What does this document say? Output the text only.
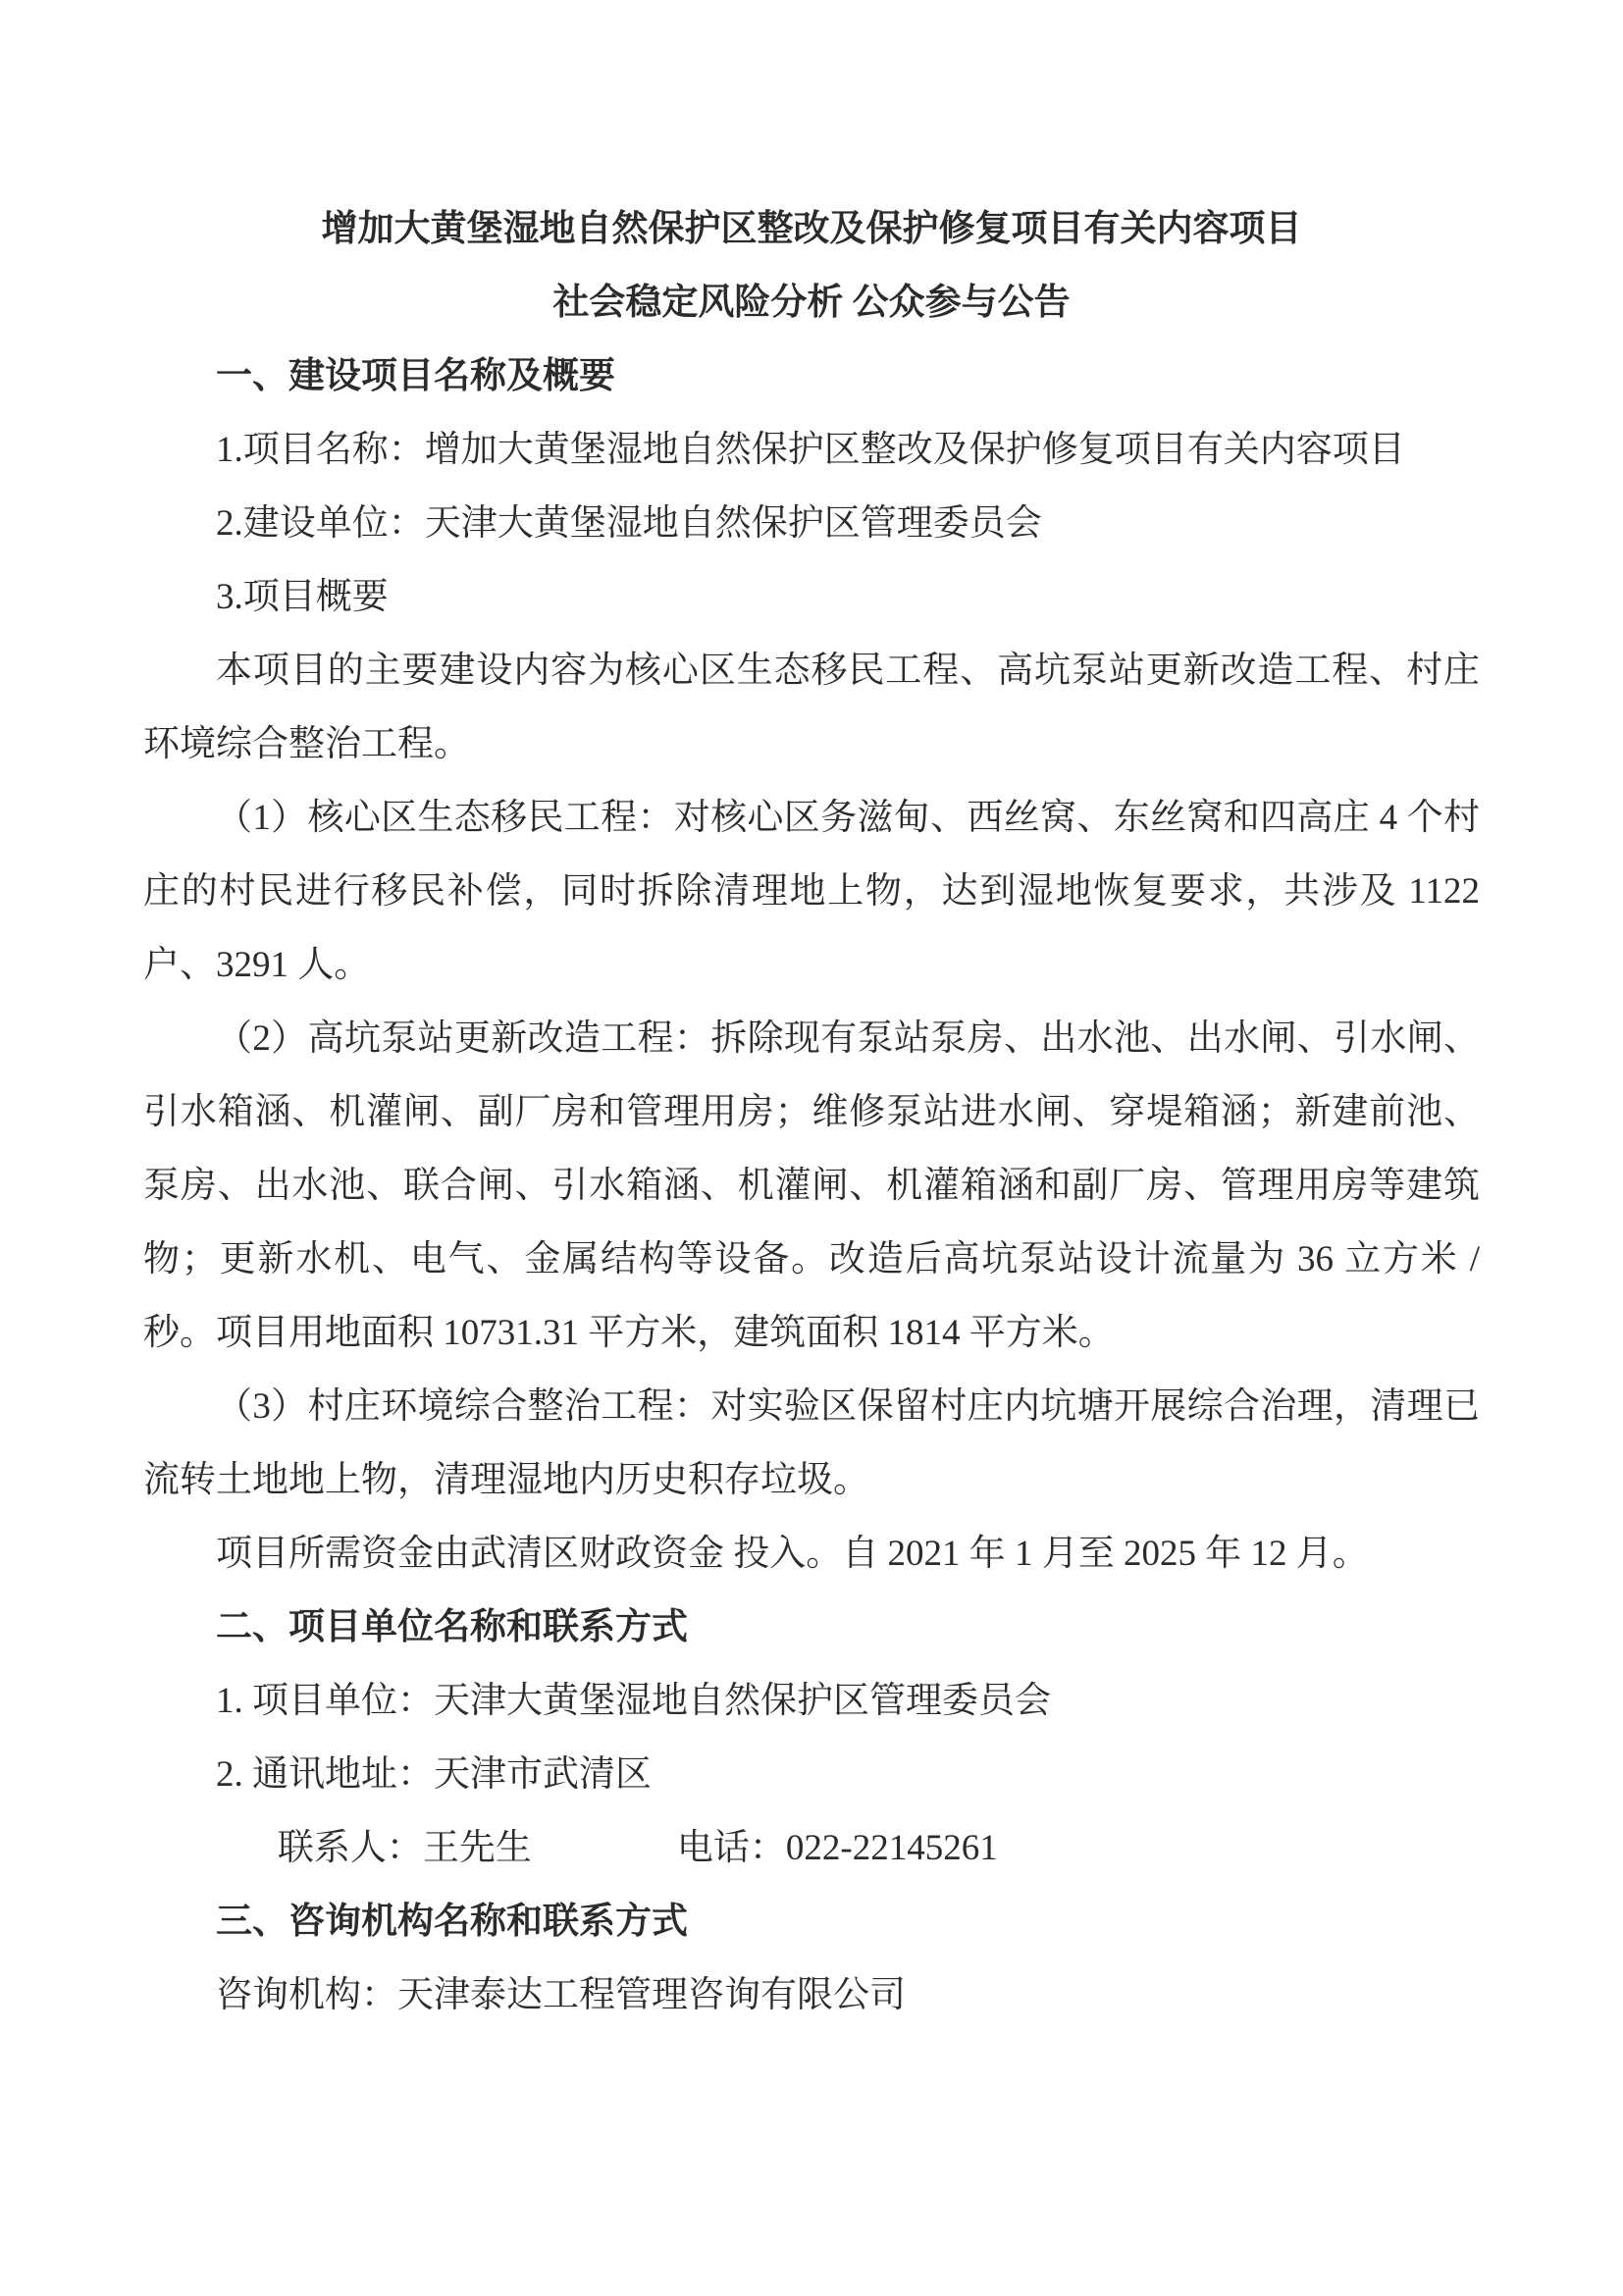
增加大黄堡湿地自然保护区整改及保护修复项目有关内容项目

社会稳定风险分析 公众参与公告

一、建设项目名称及概要

1.项目名称：增加大黄堡湿地自然保护区整改及保护修复项目有关内容项目

2.建设单位：天津大黄堡湿地自然保护区管理委员会

3.项目概要

本项目的主要建设内容为核心区生态移民工程、高坑泵站更新改造工程、村庄环境综合整治工程。

（1）核心区生态移民工程：对核心区务滋甸、西丝窝、东丝窝和四高庄 4 个村庄的村民进行移民补偿，同时拆除清理地上物，达到湿地恢复要求，共涉及 1122 户、3291 人。

（2）高坑泵站更新改造工程：拆除现有泵站泵房、出水池、出水闸、引水闸、引水箱涵、机灌闸、副厂房和管理用房；维修泵站进水闸、穿堤箱涵；新建前池、泵房、出水池、联合闸、引水箱涵、机灌闸、机灌箱涵和副厂房、管理用房等建筑物；更新水机、电气、金属结构等设备。改造后高坑泵站设计流量为 36 立方米 / 秒。项目用地面积 10731.31 平方米，建筑面积 1814 平方米。

（3）村庄环境综合整治工程：对实验区保留村庄内坑塘开展综合治理，清理已流转土地地上物，清理湿地内历史积存垃圾。

项目所需资金由武清区财政资金 投入。自 2021 年 1 月至 2025 年 12 月。

二、项目单位名称和联系方式

1. 项目单位：天津大黄堡湿地自然保护区管理委员会

2. 通讯地址：天津市武清区

联系人：王先生	电话：022-22145261

三、咨询机构名称和联系方式

咨询机构：天津泰达工程管理咨询有限公司
